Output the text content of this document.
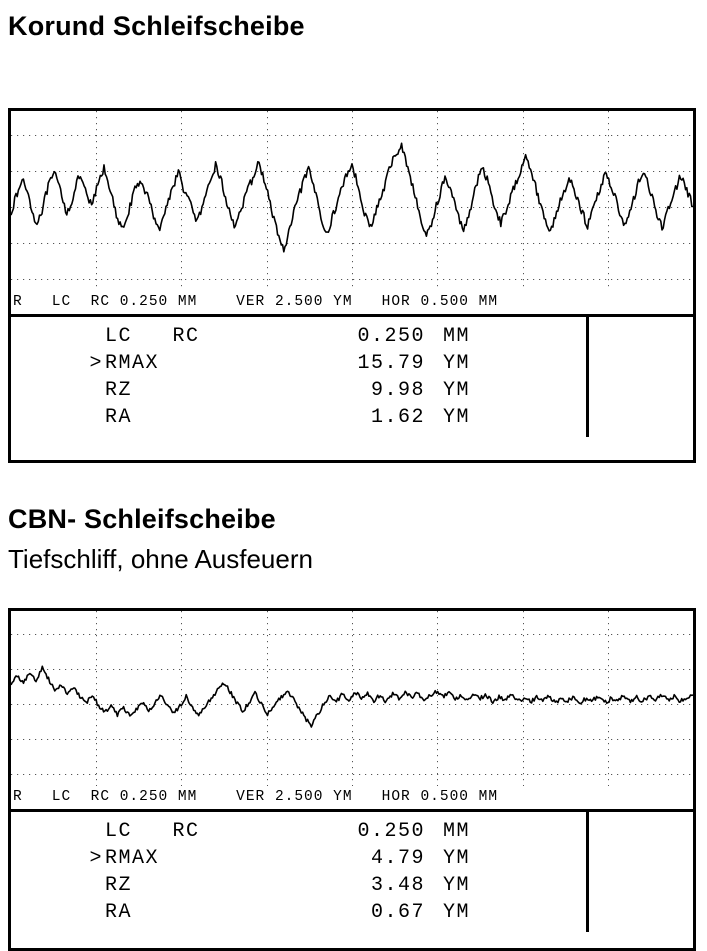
Korund Schleifscheibe
R   LC  RC 0.250 MM    VER 2.500 YM   HOR 0.500 MM
LC   RC	0.250 MM
> RMAX	15.79 YM
RZ	9.98 YM
RA	1.62 YM
CBN- Schleifscheibe
Tiefschliff, ohne Ausfeuern
R   LC  RC 0.250 MM    VER 2.500 YM   HOR 0.500 MM
LC   RC	0.250 MM
> RMAX	4.79 YM
RZ	3.48 YM
RA	0.67 YM
